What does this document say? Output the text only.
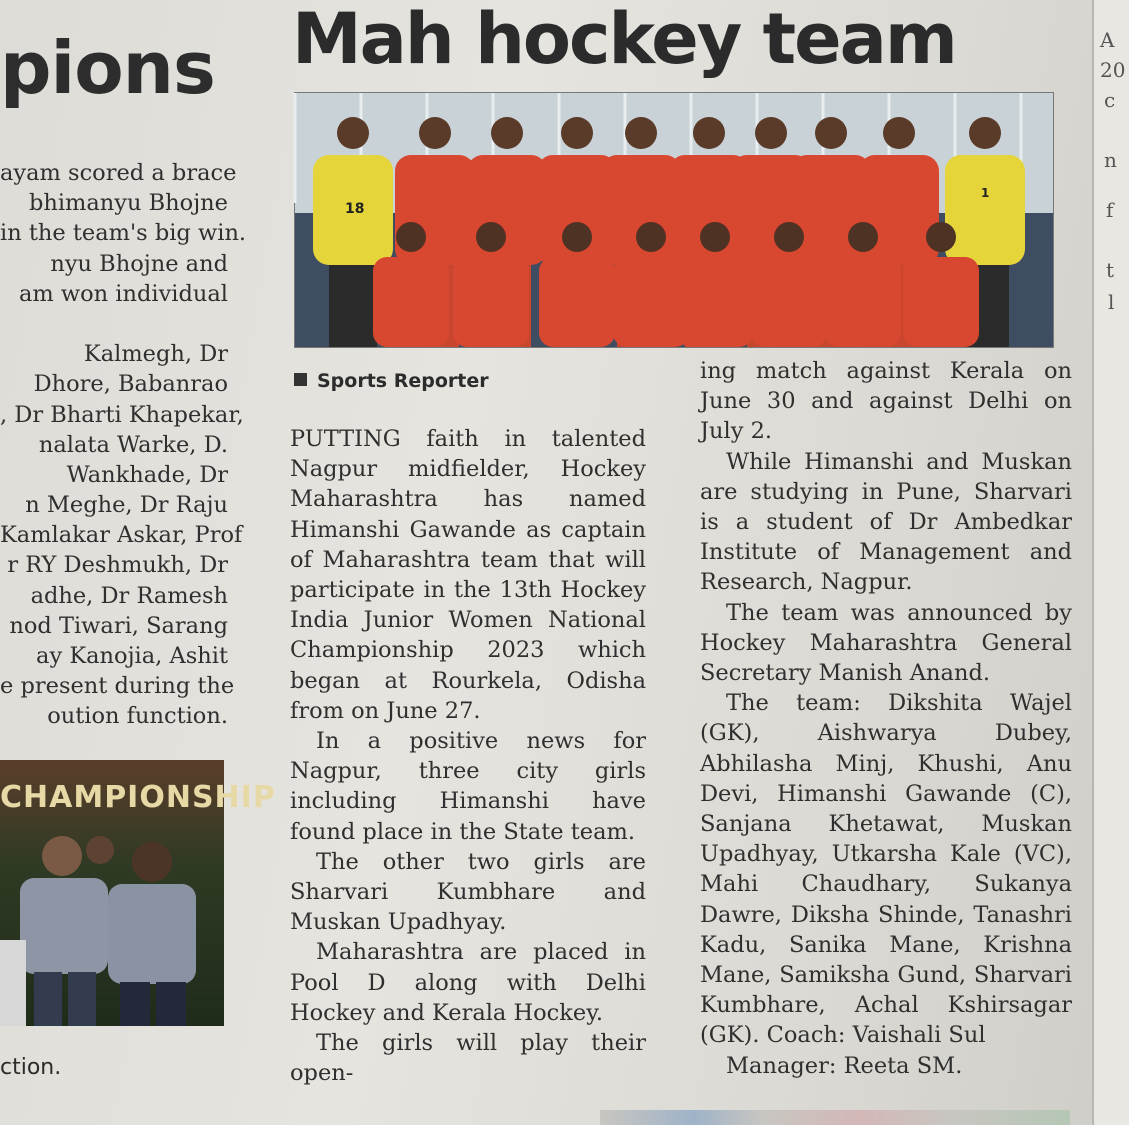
A
20
c
n
f
t
l
pions

ayam scored a brace

bhimanyu Bhojne

in the team's big win.

nyu Bhojne and

am won individual

Kalmegh, Dr

Dhore, Babanrao

, Dr Bharti Khapekar,

nalata Warke, D.

Wankhade, Dr

n Meghe, Dr Raju

Kamlakar Askar, Prof

r RY Deshmukh, Dr

adhe, Dr Ramesh

nod Tiwari, Sarang

ay Kanojia, Ashit

e present during the

oution function.

CHAMPIONSHIP
ction.
Mah hockey team
18
1
Sports Reporter

PUTTING faith in talented Nagpur midfielder, Hockey Maharashtra has named Himanshi Gawande as captain of Maharashtra team that will participate in the 13th Hockey India Junior Women National Championship 2023 which began at Rourkela, Odisha from on June 27.

In a positive news for Nagpur, three city girls including Himanshi have found place in the State team.

The other two girls are Sharvari Kumbhare and Muskan Upadhyay.

Maharashtra are placed in Pool D along with Delhi Hockey and Kerala Hockey.

The girls will play their open-

ing match against Kerala on June 30 and against Delhi on July 2.

While Himanshi and Muskan are studying in Pune, Sharvari is a student of Dr Ambedkar Institute of Management and Research, Nagpur.

The team was announced by Hockey Maharashtra General Secretary Manish Anand.

The team: Dikshita Wajel (GK), Aishwarya Dubey, Abhilasha Minj, Khushi, Anu Devi, Himanshi Gawande (C), Sanjana Khetawat, Muskan Upadhyay, Utkarsha Kale (VC), Mahi Chaudhary, Sukanya Dawre, Diksha Shinde, Tanashri Kadu, Sanika Mane, Krishna Mane, Samiksha Gund, Sharvari Kumbhare, Achal Kshirsagar (GK). Coach: Vaishali Sul

Manager: Reeta SM.
